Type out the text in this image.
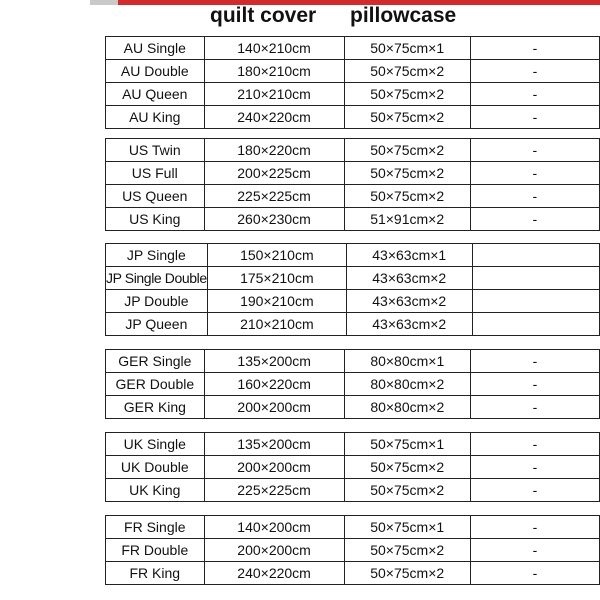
quilt cover pillowcase
AU Single	140×210cm	50×75cm×1	-
AU Double	180×210cm	50×75cm×2	-
AU Queen	210×210cm	50×75cm×2	-
AU King	240×220cm	50×75cm×2	-
US Twin	180×220cm	50×75cm×2	-
US Full	200×225cm	50×75cm×2	-
US Queen	225×225cm	50×75cm×2	-
US King	260×230cm	51×91cm×2	-
JP Single	150×210cm	43×63cm×1	
JP Single Double	175×210cm	43×63cm×2	
JP Double	190×210cm	43×63cm×2	
JP Queen	210×210cm	43×63cm×2	
GER Single	135×200cm	80×80cm×1	-
GER Double	160×220cm	80×80cm×2	-
GER King	200×200cm	80×80cm×2	-
UK Single	135×200cm	50×75cm×1	-
UK Double	200×200cm	50×75cm×2	-
UK King	225×225cm	50×75cm×2	-
FR Single	140×200cm	50×75cm×1	-
FR Double	200×200cm	50×75cm×2	-
FR King	240×220cm	50×75cm×2	-
